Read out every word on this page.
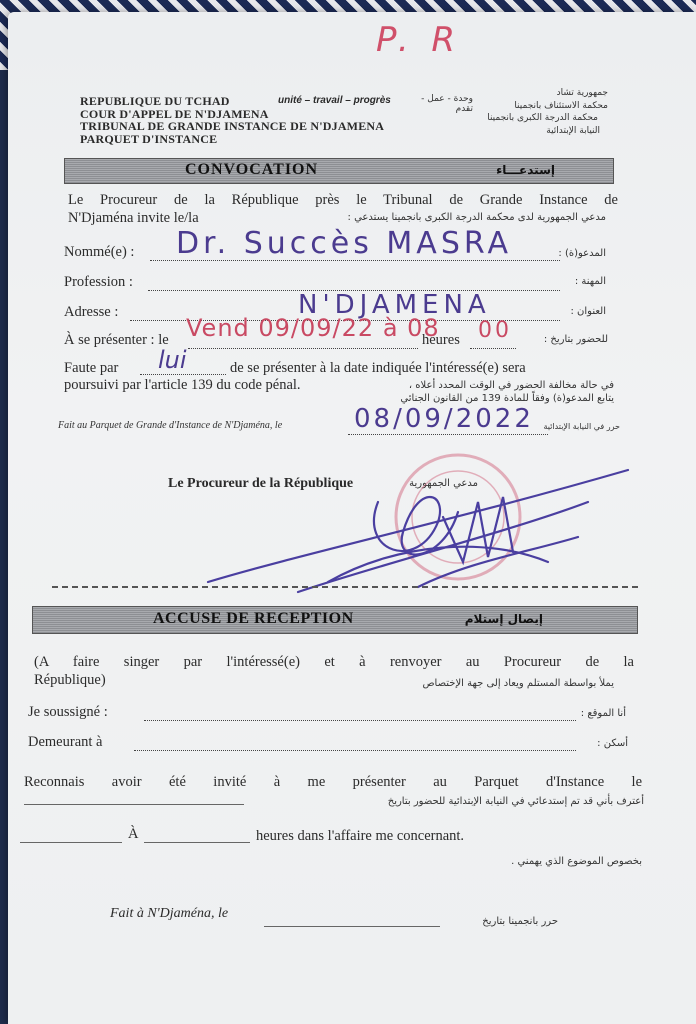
P. R
REPUBLIQUE DU TCHAD	unité – travail – progrès	وحدة - عمل - تقدم
COUR D'APPEL DE N'DJAMENA
TRIBUNAL DE GRANDE INSTANCE DE N'DJAMENA
PARQUET D'INSTANCE
جمهورية تشاد
محكمة الاستئناف بانجمينا
محكمة الدرجة الكبرى بانجمينا
النيابة الإبتدائية
CONVOCATION	إستدعـــاء
Le Procureur de la République près le Tribunal de Grande Instance de
N'Djaména invite le/la	مدعي الجمهورية لدى محكمة الدرجة الكبرى بانجمينا يستدعي :
Nommé(e) : Dr. Succès MASRA	المدعو(ة) :
Profession :	المهنة :
Adresse :	N'DJAMENA	العنوان :
À se présenter : le Vend 09/09/22 à 08
heures 00	للحضور بتاريخ :
Faute par lui	de se présenter à la date indiquée l'intéressé(e) sera
poursuivi par l'article 139 du code pénal.	في حالة مخالفة الحضور في الوقت المحدد أعلاه ،
يتابع المدعو(ة) وفقاً للمادة 139 من القانون الجنائي
Fait au Parquet de Grande d'Instance de N'Djaména, le	08/09/2022	حرر في النيابة الإبتدائية
Le Procureur de la République	مدعي الجمهورية
ACCUSE DE RECEPTION	إيصال إستلام
(A faire singer par l'intéressé(e) et à renvoyer au Procureur de la
République)	يملأ بواسطة المستلم ويعاد إلى جهة الإختصاص
Je soussigné :	أنا الموقع :
Demeurant à	أسكن :
Reconnais avoir été invité à me présenter au Parquet d'Instance le
أعترف بأني قد تم إستدعائي في النيابة الإبتدائية للحضور بتاريخ
À	heures dans l'affaire me concernant.
بخصوص الموضوع الذي يهمني .
Fait à N'Djaména, le
حرر بانجمينا بتاريخ
